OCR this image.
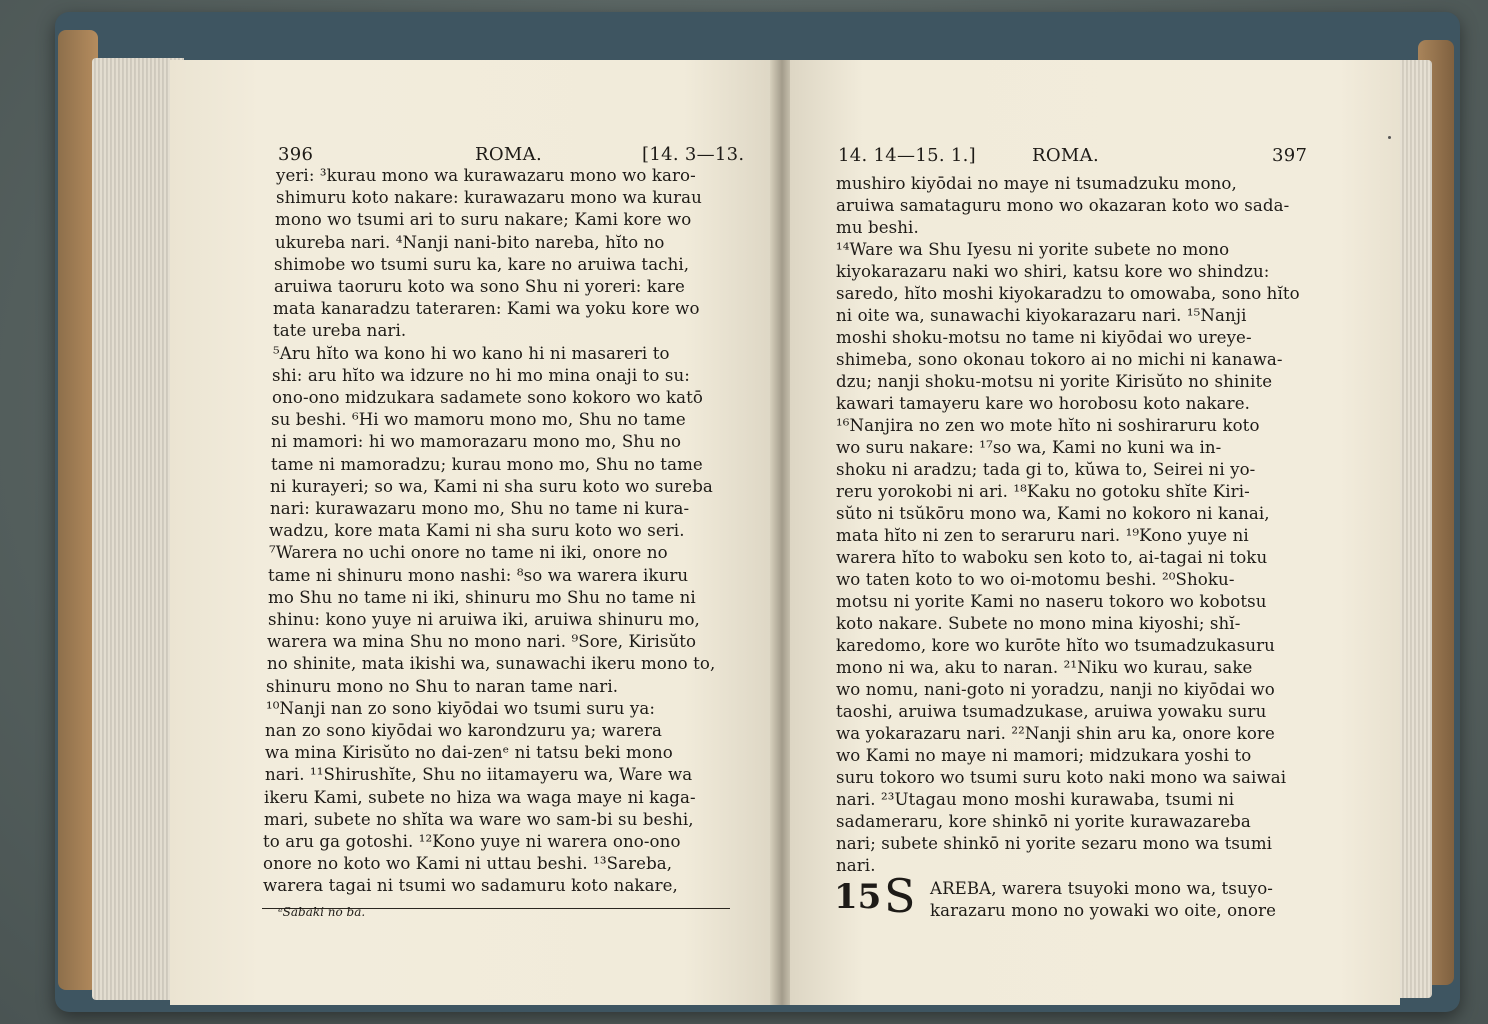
396	ROMA.	[14. 3—13.
yeri: ³kurau mono wa kurawazaru mono wo karo-
shimuru koto nakare: kurawazaru mono wa kurau
mono wo tsumi ari to suru nakare; Kami kore wo
ukureba nari. ⁴Nanji nani-bito nareba, hĭto no
shimobe wo tsumi suru ka, kare no aruiwa tachi,
aruiwa taoruru koto wa sono Shu ni yoreri: kare
mata kanaradzu tateraren: Kami wa yoku kore wo
tate ureba nari.
⁵Aru hĭto wa kono hi wo kano hi ni masareri to
shi: aru hĭto wa idzure no hi mo mina onaji to su:
ono-ono midzukara sadamete sono kokoro wo katō
su beshi. ⁶Hi wo mamoru mono mo, Shu no tame
ni mamori: hi wo mamorazaru mono mo, Shu no
tame ni mamoradzu; kurau mono mo, Shu no tame
ni kurayeri; so wa, Kami ni sha suru koto wo sureba
nari: kurawazaru mono mo, Shu no tame ni kura-
wadzu, kore mata Kami ni sha suru koto wo seri.
⁷Warera no uchi onore no tame ni iki, onore no
tame ni shinuru mono nashi: ⁸so wa warera ikuru
mo Shu no tame ni iki, shinuru mo Shu no tame ni
shinu: kono yuye ni aruiwa iki, aruiwa shinuru mo,
warera wa mina Shu no mono nari. ⁹Sore, Kirisŭto
no shinite, mata ikishi wa, sunawachi ikeru mono to,
shinuru mono no Shu to naran tame nari.
¹⁰Nanji nan zo sono kiyōdai wo tsumi suru ya:
nan zo sono kiyōdai wo karondzuru ya; warera
wa mina Kirisŭto no dai-zenᵉ ni tatsu beki mono
nari. ¹¹Shirushĭte, Shu no iitamayeru wa, Ware wa
ikeru Kami, subete no hiza wa waga maye ni kaga-
mari, subete no shĭta wa ware wo sam-bi su beshi,
to aru ga gotoshi. ¹²Kono yuye ni warera ono-ono
onore no koto wo Kami ni uttau beshi. ¹³Sareba,
warera tagai ni tsumi wo sadamuru koto nakare,
ᵉSabaki no ba.
14. 14—15. 1.]	ROMA.	397
mushiro kiyōdai no maye ni tsumadzuku mono,
aruiwa samataguru mono wo okazaran koto wo sada-
mu beshi.
¹⁴Ware wa Shu Iyesu ni yorite subete no mono
kiyokarazaru naki wo shiri, katsu kore wo shindzu:
saredo, hĭto moshi kiyokaradzu to omowaba, sono hĭto
ni oite wa, sunawachi kiyokarazaru nari. ¹⁵Nanji
moshi shoku-motsu no tame ni kiyōdai wo ureye-
shimeba, sono okonau tokoro ai no michi ni kanawa-
dzu; nanji shoku-motsu ni yorite Kirisŭto no shinite
kawari tamayeru kare wo horobosu koto nakare.
¹⁶Nanjira no zen wo mote hĭto ni soshiraruru koto
wo suru nakare: ¹⁷so wa, Kami no kuni wa in-
shoku ni aradzu; tada gi to, kŭwa to, Seirei ni yo-
reru yorokobi ni ari. ¹⁸Kaku no gotoku shĭte Kiri-
sŭto ni tsŭkōru mono wa, Kami no kokoro ni kanai,
mata hĭto ni zen to seraruru nari. ¹⁹Kono yuye ni
warera hĭto to waboku sen koto to, ai-tagai ni toku
wo taten koto to wo oi-motomu beshi. ²⁰Shoku-
motsu ni yorite Kami no naseru tokoro wo kobotsu
koto nakare. Subete no mono mina kiyoshi; shĭ-
karedomo, kore wo kurōte hĭto wo tsumadzukasuru
mono ni wa, aku to naran. ²¹Niku wo kurau, sake
wo nomu, nani-goto ni yoradzu, nanji no kiyōdai wo
taoshi, aruiwa tsumadzukase, aruiwa yowaku suru
wa yokarazaru nari. ²²Nanji shin aru ka, onore kore
wo Kami no maye ni mamori; midzukara yoshi to
suru tokoro wo tsumi suru koto naki mono wa saiwai
nari. ²³Utagau mono moshi kurawaba, tsumi ni
sadameraru, kore shinkō ni yorite kurawazareba
nari; subete shinkō ni yorite sezaru mono wa tsumi
nari.
15 S AREBA, warera tsuyoki mono wa, tsuyo-
karazaru mono no yowaki wo oite, onore
